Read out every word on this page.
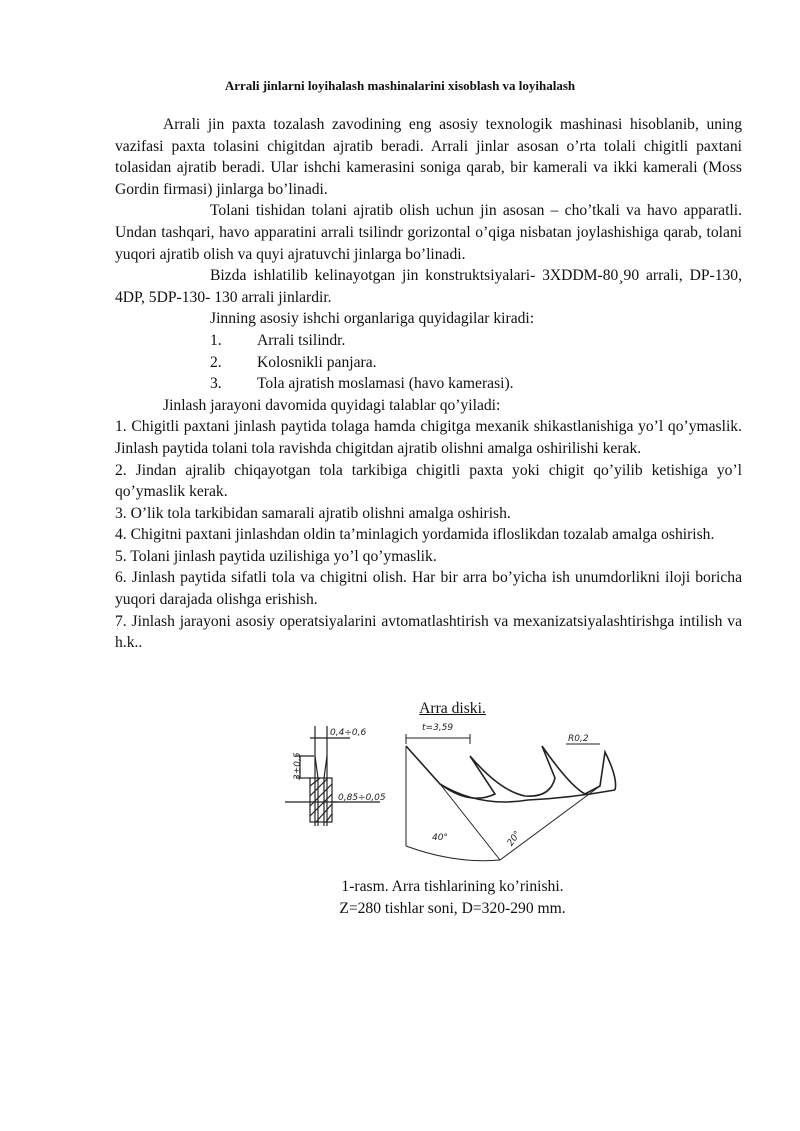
Arrali jinlarni loyihalash mashinalarini xisoblash va loyihalash

Arrali jin paxta tozalash zavodining eng asosiy texnologik mashinasi hisoblanib, uning vazifasi paxta tolasini chigitdan ajratib beradi. Arrali jinlar asosan o’rta tolali chigitli paxtani tolasidan ajratib beradi. Ular ishchi kamerasini soniga qarab, bir kamerali va ikki kamerali (Moss Gordin firmasi) jinlarga bo’linadi.

Tolani tishidan tolani ajratib olish uchun jin asosan – cho’tkali va havo apparatli. Undan tashqari, havo apparatini arrali tsilindr gorizontal o’qiga nisbatan joylashishiga qarab, tolani yuqori ajratib olish va quyi ajratuvchi jinlarga bo’linadi.

Bizda ishlatilib kelinayotgan jin konstruktsiyalari- 3XDDM-80¸90 arrali, DP-130, 4DP, 5DP-130- 130 arrali jinlardir.

Jinning asosiy ishchi organlariga quyidagilar kiradi:

1.	Arrali tsilindr.
2.	Kolosnikli panjara.
3.	Tola ajratish moslamasi (havo kamerasi).

Jinlash jarayoni davomida quyidagi talablar qo’yiladi:

1. Chigitli paxtani jinlash paytida tolaga hamda chigitga mexanik shikastlanishiga yo’l qo’ymaslik. Jinlash paytida tolani tola ravishda chigitdan ajratib olishni amalga oshirilishi kerak.

2. Jindan ajralib chiqayotgan tola tarkibiga chigitli paxta yoki chigit qo’yilib ketishiga yo’l qo’ymaslik kerak.

3. O’lik tola tarkibidan samarali ajratib olishni amalga oshirish.

4. Chigitni paxtani jinlashdan oldin ta’minlagich yordamida ifloslikdan tozalab amalga oshirish.

5. Tolani jinlash paytida uzilishiga yo’l qo’ymaslik.

6. Jinlash paytida sifatli tola va chigitni olish. Har bir arra bo’yicha ish unumdorlikni iloji boricha yuqori darajada olishga erishish.

7. Jinlash jarayoni asosiy operatsiyalarini avtomatlashtirish va mexanizatsiyalashtirishga intilish va h.k..

Arra diski.
0,4÷0,6
3±0,5
0,85÷0,05
t=3,59
R0,2
40°	20°
1-rasm. Arra tishlarining ko’rinishi.
Z=280 tishlar soni, D=320-290 mm.
